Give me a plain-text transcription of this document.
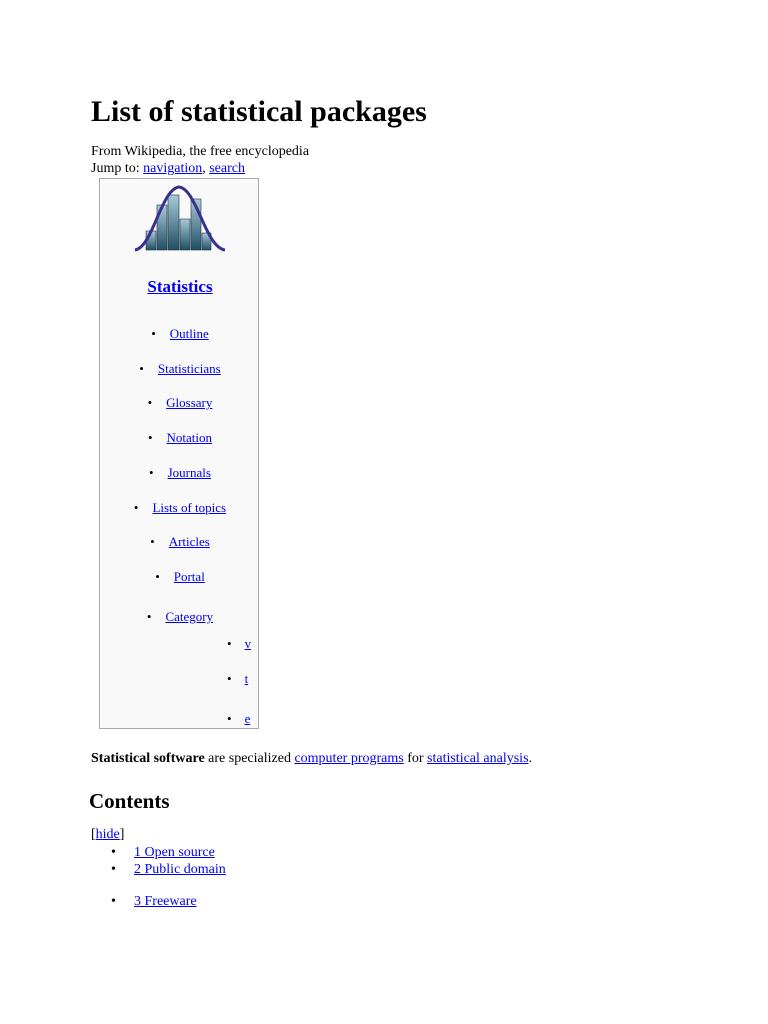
List of statistical packages
From Wikipedia, the free encyclopedia
Jump to: navigation, search
Statistics
• Outline
• Statisticians
• Glossary
• Notation
• Journals
• Lists of topics
• Articles
• Portal
• Category
• v
• t
• e
Statistical software are specialized computer programs for statistical analysis.
Contents
[hide]
• 1 Open source
• 2 Public domain
• 3 Freeware
